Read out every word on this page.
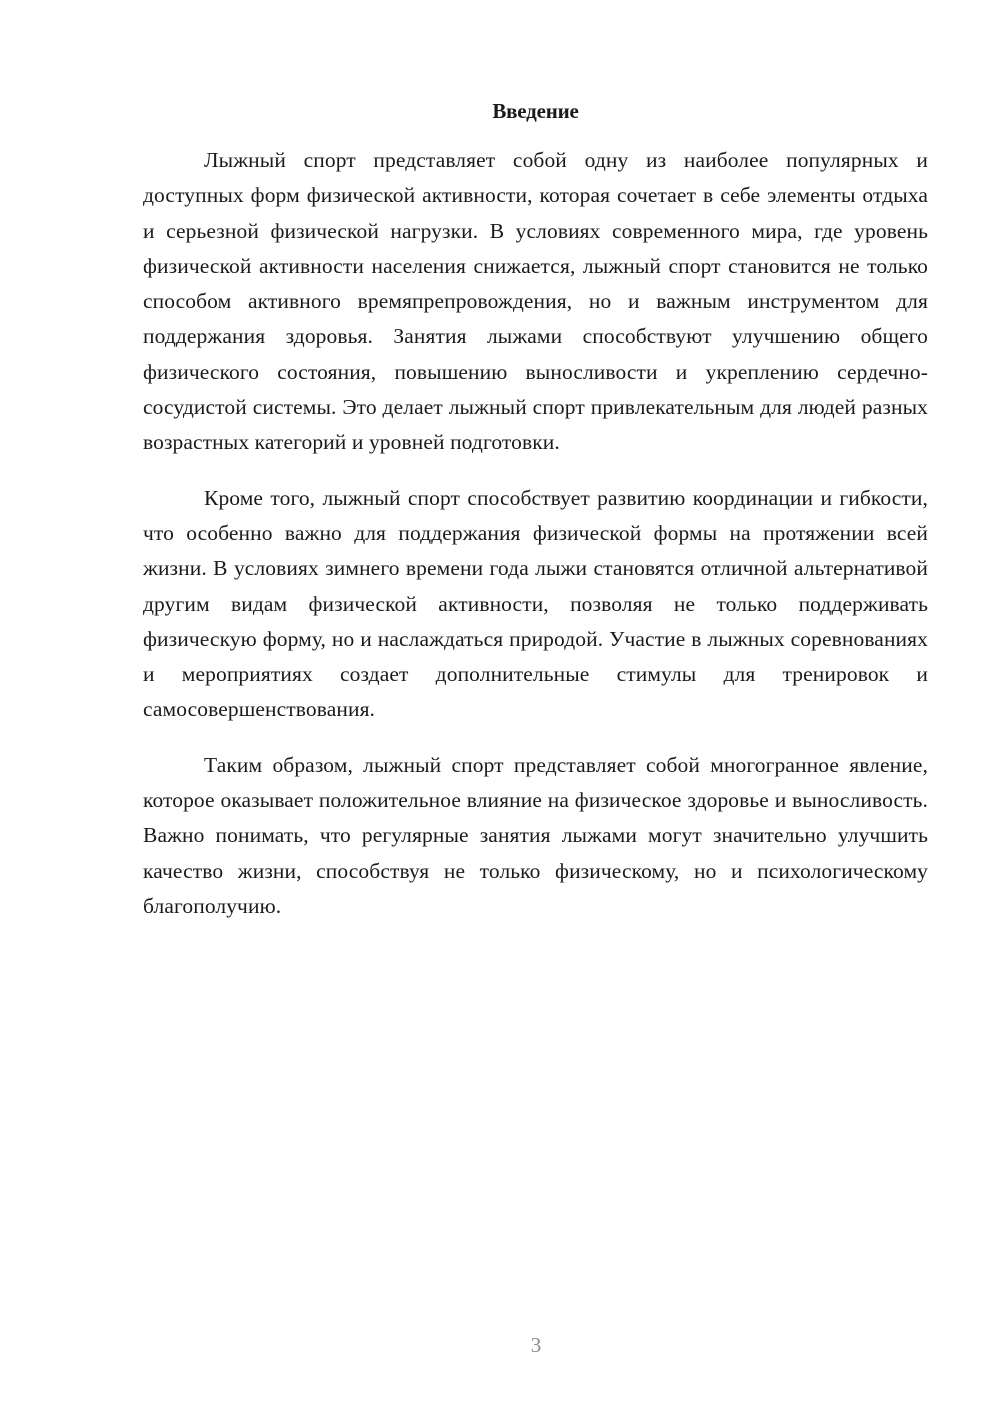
Введение

Лыжный спорт представляет собой одну из наиболее популярных и доступных форм физической активности, которая сочетает в себе элементы отдыха и серьезной физической нагрузки. В условиях современного мира, где уровень физической активности населения снижается, лыжный спорт становится не только способом активного времяпрепровождения, но и важным инструментом для поддержания здоровья. Занятия лыжами способствуют улучшению общего физического состояния, повышению выносливости и укреплению сердечно-сосудистой системы. Это делает лыжный спорт привлекательным для людей разных возрастных категорий и уровней подготовки.

Кроме того, лыжный спорт способствует развитию координации и гибкости, что особенно важно для поддержания физической формы на протяжении всей жизни. В условиях зимнего времени года лыжи становятся отличной альтернативой другим видам физической активности, позволяя не только поддерживать физическую форму, но и наслаждаться природой. Участие в лыжных соревнованиях и мероприятиях создает дополнительные стимулы для тренировок и самосовершенствования.

Таким образом, лыжный спорт представляет собой многогранное явление, которое оказывает положительное влияние на физическое здоровье и выносливость. Важно понимать, что регулярные занятия лыжами могут значительно улучшить качество жизни, способствуя не только физическому, но и психологическому благополучию.

3
